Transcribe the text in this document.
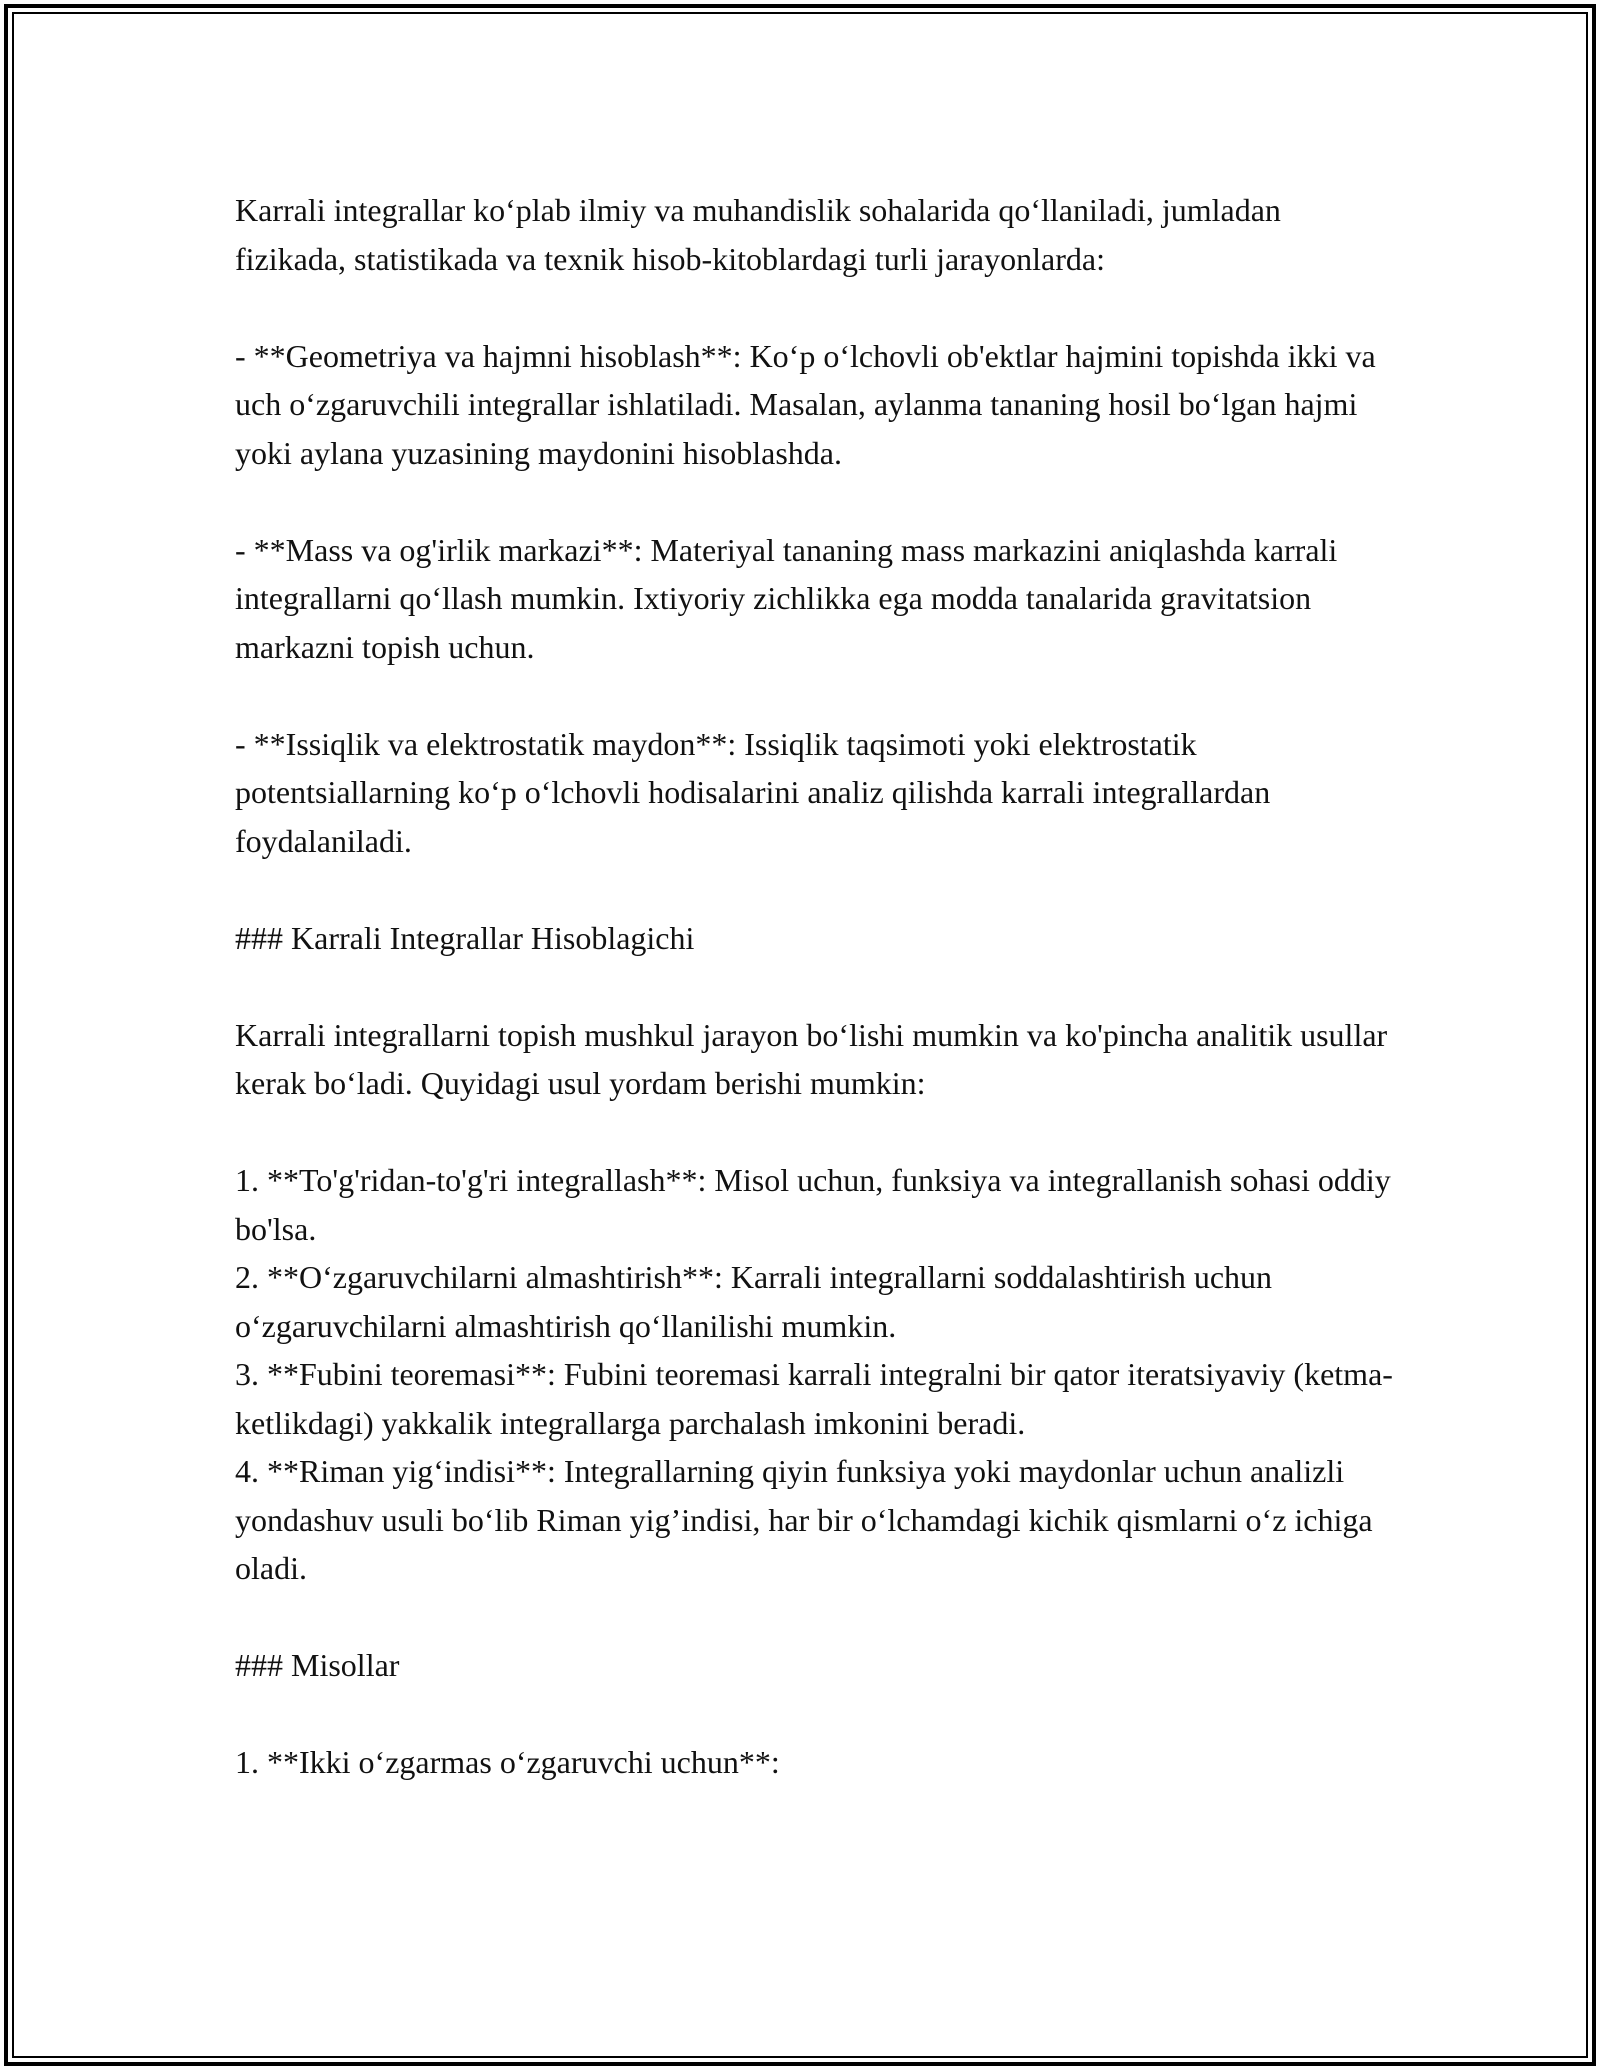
Karrali integrallar ko‘plab ilmiy va muhandislik sohalarida qo‘llaniladi, jumladan fizikada, statistikada va texnik hisob-kitoblardagi turli jarayonlarda:

- **Geometriya va hajmni hisoblash**: Ko‘p o‘lchovli ob'ektlar hajmini topishda ikki va uch o‘zgaruvchili integrallar ishlatiladi. Masalan, aylanma tananing hosil bo‘lgan hajmi yoki aylana yuzasining maydonini hisoblashda.

- **Mass va og'irlik markazi**: Materiyal tananing mass markazini aniqlashda karrali integrallarni qo‘llash mumkin. Ixtiyoriy zichlikka ega modda tanalarida gravitatsion markazni topish uchun.

- **Issiqlik va elektrostatik maydon**: Issiqlik taqsimoti yoki elektrostatik potentsiallarning ko‘p o‘lchovli hodisalarini analiz qilishda karrali integrallardan foydalaniladi.

### Karrali Integrallar Hisoblagichi

Karrali integrallarni topish mushkul jarayon bo‘lishi mumkin va ko'pincha analitik usullar kerak bo‘ladi. Quyidagi usul yordam berishi mumkin:

1. **To'g'ridan-to'g'ri integrallash**: Misol uchun, funksiya va integrallanish sohasi oddiy bo'lsa.

2. **O‘zgaruvchilarni almashtirish**: Karrali integrallarni soddalashtirish uchun o‘zgaruvchilarni almashtirish qo‘llanilishi mumkin.

3. **Fubini teoremasi**: Fubini teoremasi karrali integralni bir qator iteratsiyaviy (ketma-ketlikdagi) yakkalik integrallarga parchalash imkonini beradi.

4. **Riman yig‘indisi**: Integrallarning qiyin funksiya yoki maydonlar uchun analizli yondashuv usuli bo‘lib Riman yig’indisi, har bir o‘lchamdagi kichik qismlarni o‘z ichiga oladi.

### Misollar

1. **Ikki o‘zgarmas o‘zgaruvchi uchun**:
